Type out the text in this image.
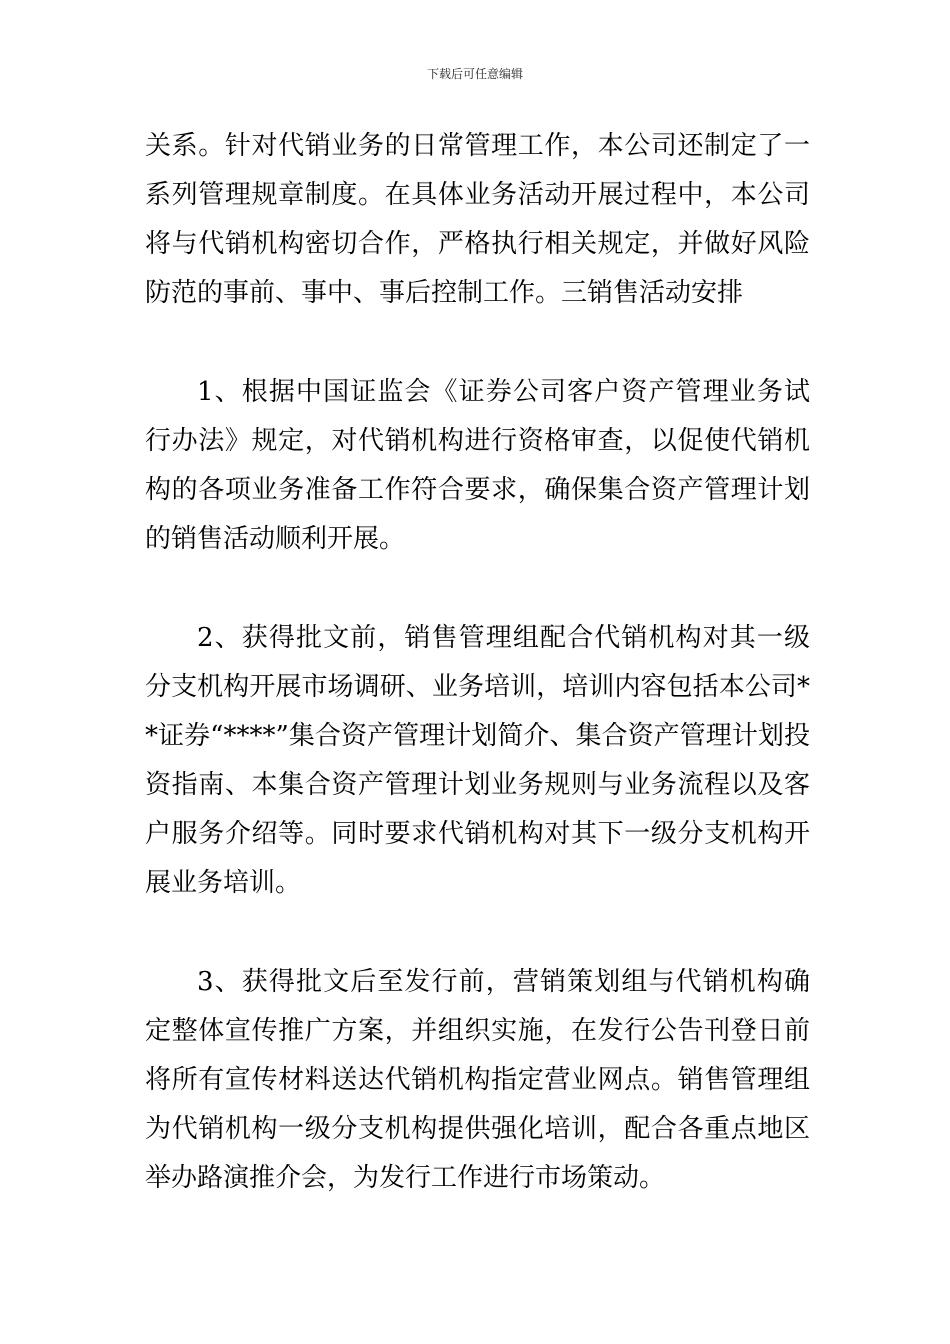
下载后可任意编辑

关系。针对代销业务的日常管理工作，本公司还制定了一系列管理规章制度。在具体业务活动开展过程中，本公司将与代销机构密切合作，严格执行相关规定，并做好风险防范的事前、事中、事后控制工作。三销售活动安排

1、根据中国证监会《证券公司客户资产管理业务试行办法》规定，对代销机构进行资格审查，以促使代销机构的各项业务准备工作符合要求，确保集合资产管理计划的销售活动顺利开展。

2、获得批文前，销售管理组配合代销机构对其一级分支机构开展市场调研、业务培训，培训内容包括本公司**证券“****”集合资产管理计划简介、集合资产管理计划投资指南、本集合资产管理计划业务规则与业务流程以及客户服务介绍等。同时要求代销机构对其下一级分支机构开展业务培训。

3、获得批文后至发行前，营销策划组与代销机构确定整体宣传推广方案，并组织实施，在发行公告刊登日前将所有宣传材料送达代销机构指定营业网点。销售管理组为代销机构一级分支机构提供强化培训，配合各重点地区举办路演推介会，为发行工作进行市场策动。
